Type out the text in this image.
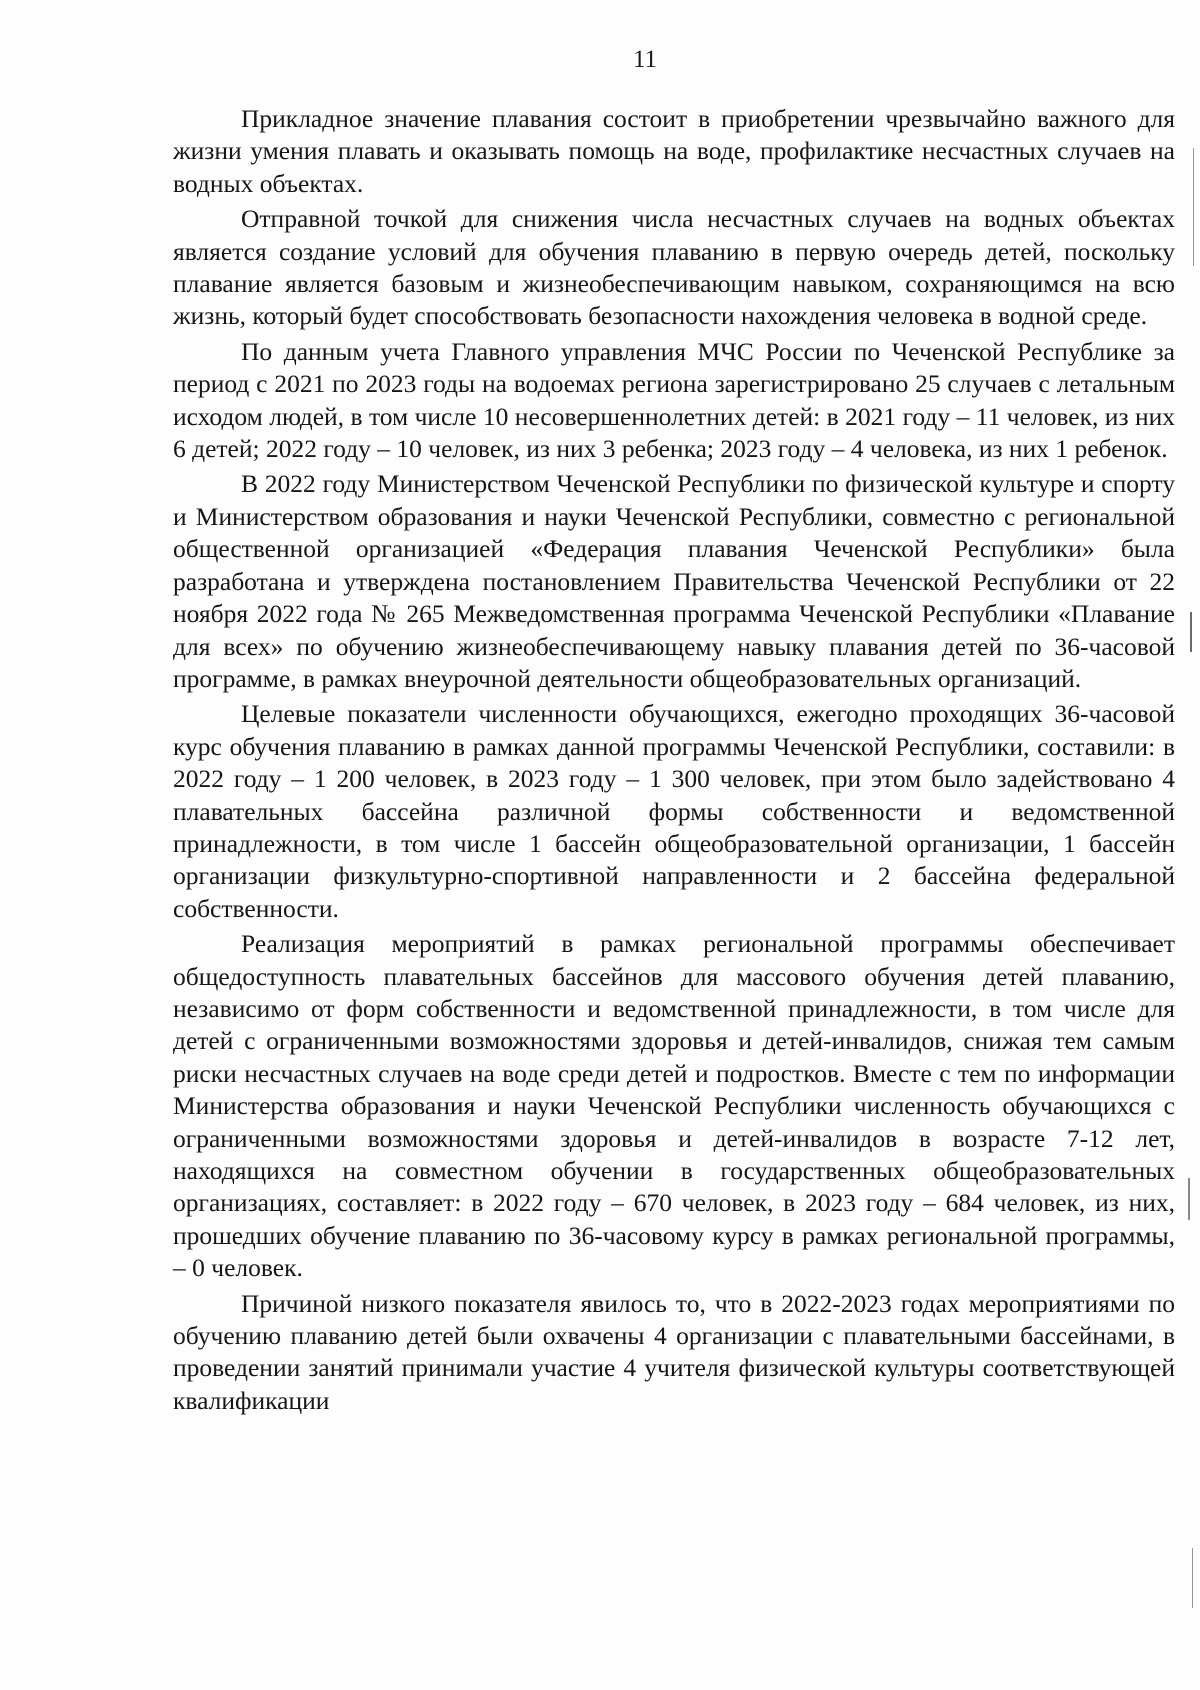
11

Прикладное значение плавания состоит в приобретении чрезвычайно важного для жизни умения плавать и оказывать помощь на воде, профилактике несчастных случаев на водных объектах.

Отправной точкой для снижения числа несчастных случаев на водных объектах является создание условий для обучения плаванию в первую очередь детей, поскольку плавание является базовым и жизнеобеспечивающим навыком, сохраняющимся на всю жизнь, который будет способствовать безопасности нахождения человека в водной среде.

По данным учета Главного управления МЧС России по Чеченской Республике за период с 2021 по 2023 годы на водоемах региона зарегистрировано 25 случаев с летальным исходом людей, в том числе 10 несовершеннолетних детей: в 2021 году – 11 человек, из них 6 детей; 2022 году – 10 человек, из них 3 ребенка; 2023 году – 4 человека, из них 1 ребенок.

В 2022 году Министерством Чеченской Республики по физической культуре и спорту и Министерством образования и науки Чеченской Республики, совместно с региональной общественной организацией «Федерация плавания Чеченской Республики» была разработана и утверждена постановлением Правительства Чеченской Республики от 22 ноября 2022 года № 265 Межведомственная программа Чеченской Республики «Плавание для всех» по обучению жизнеобеспечивающему навыку плавания детей по 36-часовой программе, в рамках внеурочной деятельности общеобразовательных организаций.

Целевые показатели численности обучающихся, ежегодно проходящих 36-часовой курс обучения плаванию в рамках данной программы Чеченской Республики, составили: в 2022 году – 1 200 человек, в 2023 году – 1 300 человек, при этом было задействовано 4 плавательных бассейна различной формы собственности и ведомственной принадлежности, в том числе 1 бассейн общеобразовательной организации, 1 бассейн организации физкультурно-спортивной направленности и 2 бассейна федеральной собственности.

Реализация мероприятий в рамках региональной программы обеспечивает общедоступность плавательных бассейнов для массового обучения детей плаванию, независимо от форм собственности и ведомственной принадлежности, в том числе для детей с ограниченными возможностями здоровья и детей-инвалидов, снижая тем самым риски несчастных случаев на воде среди детей и подростков. Вместе с тем по информации Министерства образования и науки Чеченской Республики численность обучающихся с ограниченными возможностями здоровья и детей-инвалидов в возрасте 7-12 лет, находящихся на совместном обучении в государственных общеобразовательных организациях, составляет: в 2022 году – 670 человек, в 2023 году – 684 человек, из них, прошедших обучение плаванию по 36-часовому курсу в рамках региональной программы, – 0 человек.

Причиной низкого показателя явилось то, что в 2022-2023 годах мероприятиями по обучению плаванию детей были охвачены 4 организации с плавательными бассейнами, в проведении занятий принимали участие 4 учителя физической культуры соответствующей квалификации
